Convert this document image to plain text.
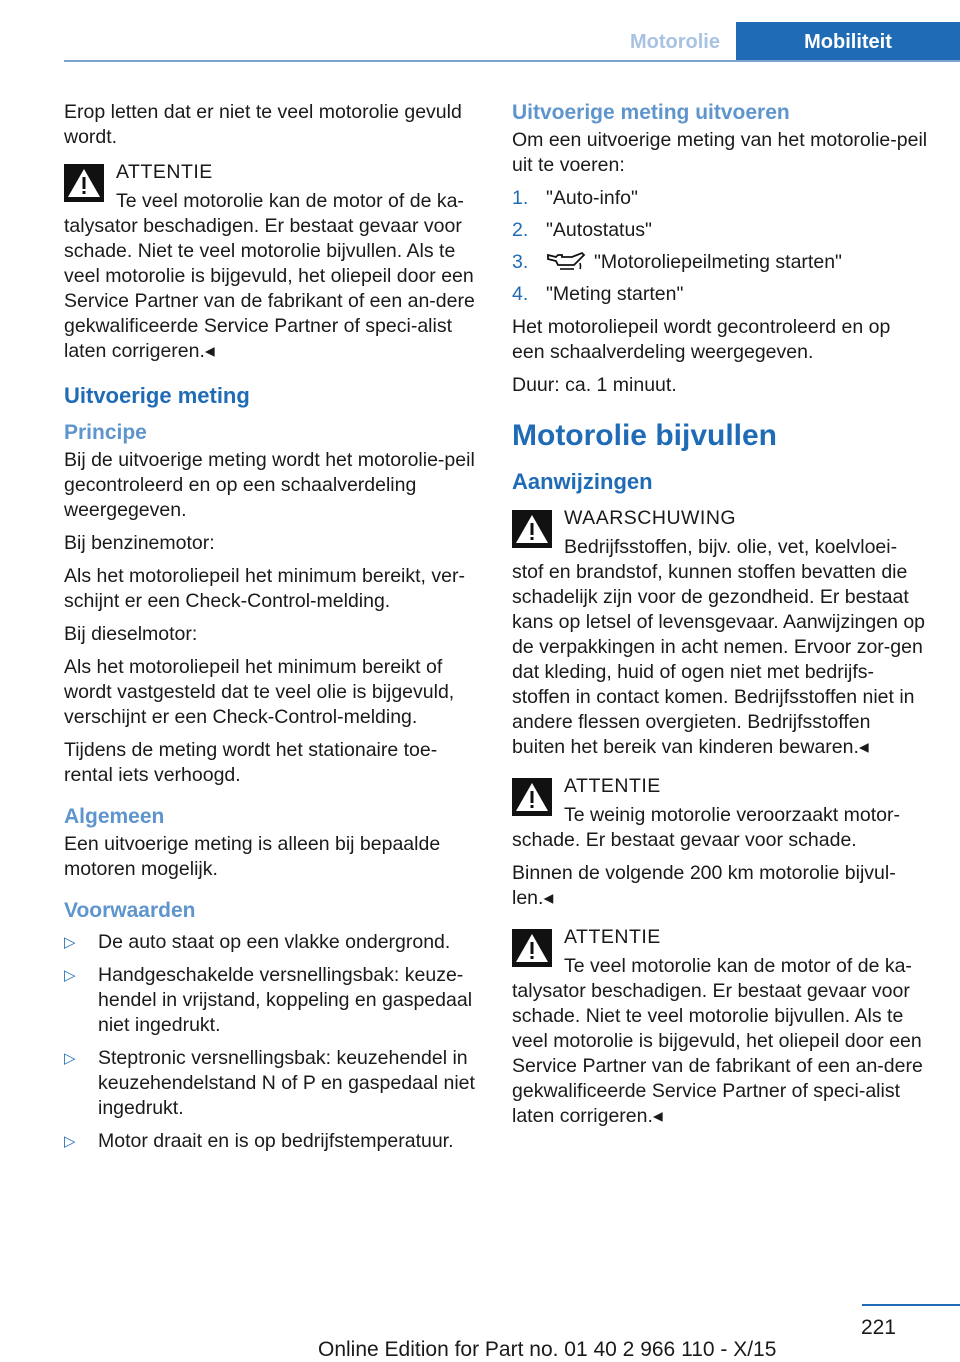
Motorolie	Mobiliteit

Erop letten dat er niet te veel motorolie gevuld wordt.

ATTENTIE
Te veel motorolie kan de motor of de ka-
talysator beschadigen. Er bestaat gevaar voor schade. Niet te veel motorolie bijvullen. Als te veel motorolie is bijgevuld, het oliepeil door een Service Partner van de fabrikant of een an-dere gekwalificeerde Service Partner of speci-alist laten corrigeren.◂
Uitvoerige meting
Principe

Bij de uitvoerige meting wordt het motorolie-peil gecontroleerd en op een schaalverdeling weergegeven.

Bij benzinemotor:

Als het motoroliepeil het minimum bereikt, ver-schijnt er een Check-Control-melding.

Bij dieselmotor:

Als het motoroliepeil het minimum bereikt of wordt vastgesteld dat te veel olie is bijgevuld, verschijnt er een Check-Control-melding.

Tijdens de meting wordt het stationaire toe-rental iets verhoogd.

Algemeen

Een uitvoerige meting is alleen bij bepaalde motoren mogelijk.

Voorwaarden
▷	De auto staat op een vlakke ondergrond.
▷	Handgeschakelde versnellingsbak: keuze-hendel in vrijstand, koppeling en gaspedaal niet ingedrukt.
▷	Steptronic versnellingsbak: keuzehendel in keuzehendelstand N of P en gaspedaal niet ingedrukt.
▷	Motor draait en is op bedrijfstemperatuur.
Uitvoerige meting uitvoeren

Om een uitvoerige meting van het motorolie-peil uit te voeren:

1. "Auto-info"
2. "Autostatus"
3.	"Motoroliepeilmeting starten"
4. "Meting starten"

Het motoroliepeil wordt gecontroleerd en op een schaalverdeling weergegeven.

Duur: ca. 1 minuut.

Motorolie bijvullen
Aanwijzingen
WAARSCHUWING
Bedrijfsstoffen, bijv. olie, vet, koelvloei-
stof en brandstof, kunnen stoffen bevatten die schadelijk zijn voor de gezondheid. Er bestaat kans op letsel of levensgevaar. Aanwijzingen op de verpakkingen in acht nemen. Ervoor zor-gen dat kleding, huid of ogen niet met bedrijfs-stoffen in contact komen. Bedrijfsstoffen niet in andere flessen overgieten. Bedrijfsstoffen buiten het bereik van kinderen bewaren.◂
ATTENTIE
Te weinig motorolie veroorzaakt motor-
schade. Er bestaat gevaar voor schade.
Binnen de volgende 200 km motorolie bijvul-len.◂
ATTENTIE
Te veel motorolie kan de motor of de ka-
talysator beschadigen. Er bestaat gevaar voor schade. Niet te veel motorolie bijvullen. Als te veel motorolie is bijgevuld, het oliepeil door een Service Partner van de fabrikant of een an-dere gekwalificeerde Service Partner of speci-alist laten corrigeren.◂
221
Online Edition for Part no. 01 40 2 966 110 - X/15
